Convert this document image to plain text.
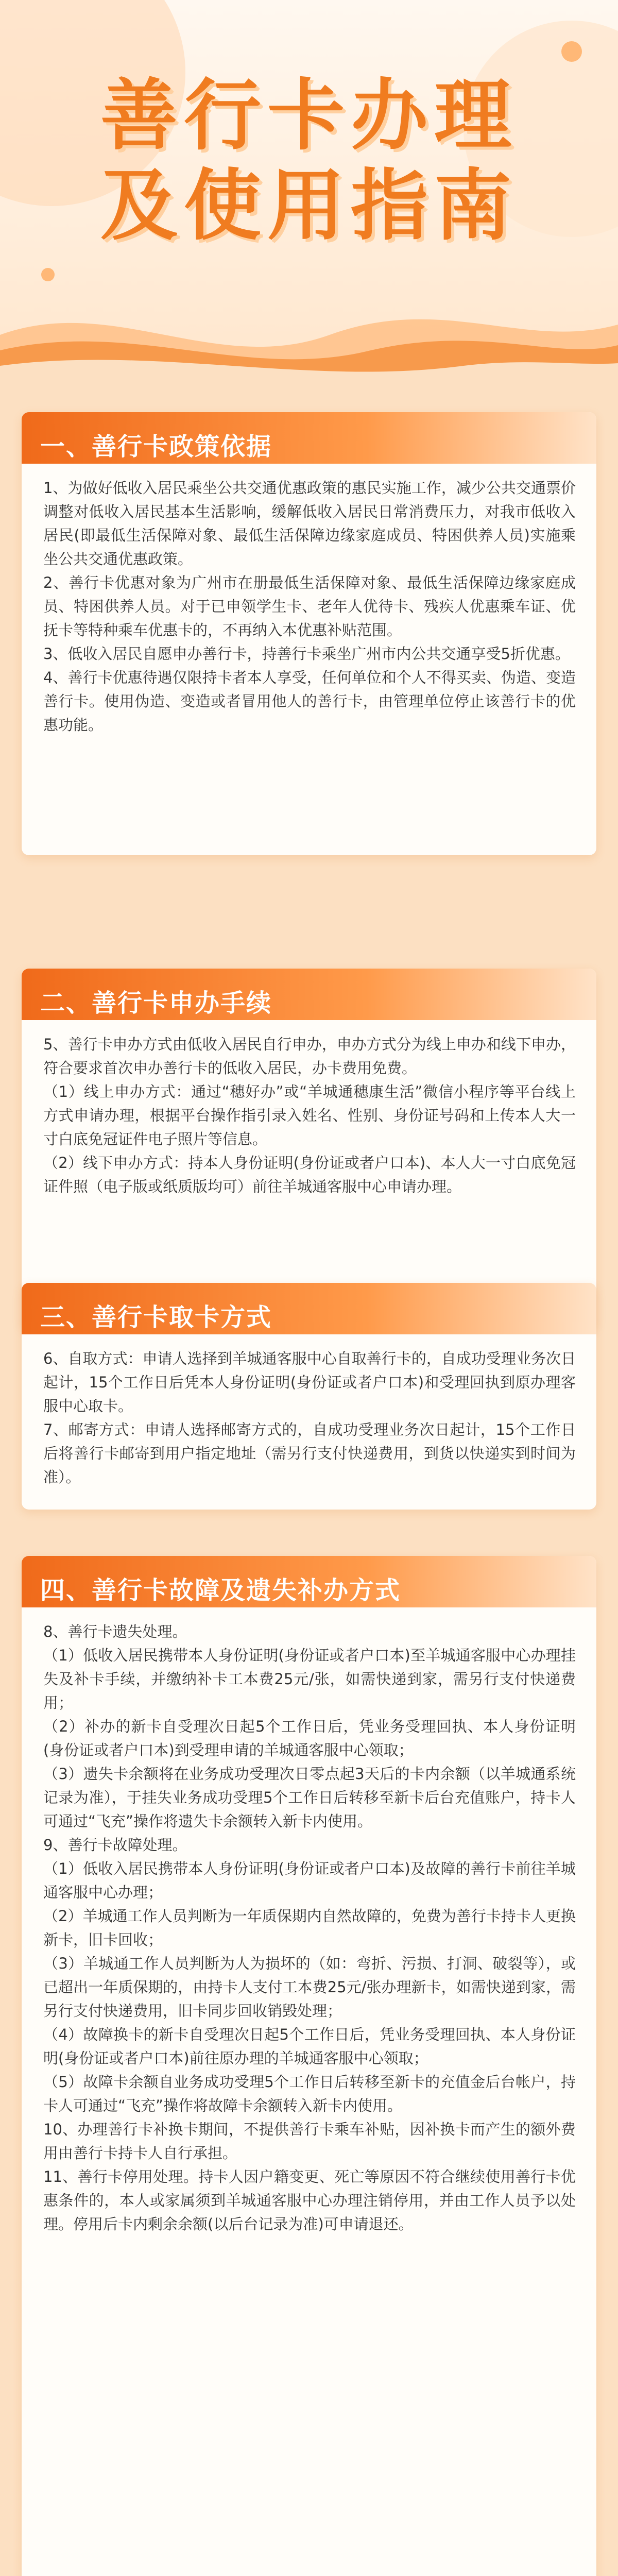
善行卡办理
及使用指南
一、善行卡政策依据

1、为做好低收入居民乘坐公共交通优惠政策的惠民实施工作，减少公共交通票价调整对低收入居民基本生活影响，缓解低收入居民日常消费压力，对我市低收入居民(即最低生活保障对象、最低生活保障边缘家庭成员、特困供养人员)实施乘坐公共交通优惠政策。

2、善行卡优惠对象为广州市在册最低生活保障对象、最低生活保障边缘家庭成员、特困供养人员。对于已申领学生卡、老年人优待卡、残疾人优惠乘车证、优抚卡等特种乘车优惠卡的，不再纳入本优惠补贴范围。

3、低收入居民自愿申办善行卡，持善行卡乘坐广州市内公共交通享受5折优惠。

4、善行卡优惠待遇仅限持卡者本人享受，任何单位和个人不得买卖、伪造、变造善行卡。使用伪造、变造或者冒用他人的善行卡，由管理单位停止该善行卡的优惠功能。

二、善行卡申办手续

5、善行卡申办方式由低收入居民自行申办，申办方式分为线上申办和线下申办，符合要求首次申办善行卡的低收入居民，办卡费用免费。

（1）线上申办方式：通过“穗好办”或“羊城通穗康生活”微信小程序等平台线上方式申请办理，根据平台操作指引录入姓名、性别、身份证号码和上传本人大一寸白底免冠证件电子照片等信息。

（2）线下申办方式：持本人身份证明(身份证或者户口本)、本人大一寸白底免冠证件照（电子版或纸质版均可）前往羊城通客服中心申请办理。

三、善行卡取卡方式

6、自取方式：申请人选择到羊城通客服中心自取善行卡的，自成功受理业务次日起计，15个工作日后凭本人身份证明(身份证或者户口本)和受理回执到原办理客服中心取卡。

7、邮寄方式：申请人选择邮寄方式的，自成功受理业务次日起计，15个工作日后将善行卡邮寄到用户指定地址（需另行支付快递费用，到货以快递实到时间为准）。

四、善行卡故障及遗失补办方式

8、善行卡遗失处理。

（1）低收入居民携带本人身份证明(身份证或者户口本)至羊城通客服中心办理挂失及补卡手续，并缴纳补卡工本费25元/张，如需快递到家，需另行支付快递费用；

（2）补办的新卡自受理次日起5个工作日后，凭业务受理回执、本人身份证明(身份证或者户口本)到受理申请的羊城通客服中心领取；

（3）遗失卡余额将在业务成功受理次日零点起3天后的卡内余额（以羊城通系统记录为准），于挂失业务成功受理5个工作日后转移至新卡后台充值账户，持卡人可通过“飞充”操作将遗失卡余额转入新卡内使用。

9、善行卡故障处理。

（1）低收入居民携带本人身份证明(身份证或者户口本)及故障的善行卡前往羊城通客服中心办理；

（2）羊城通工作人员判断为一年质保期内自然故障的，免费为善行卡持卡人更换新卡，旧卡回收；

（3）羊城通工作人员判断为人为损坏的（如：弯折、污损、打洞、破裂等），或已超出一年质保期的，由持卡人支付工本费25元/张办理新卡，如需快递到家，需另行支付快递费用，旧卡同步回收销毁处理；

（4）故障换卡的新卡自受理次日起5个工作日后，凭业务受理回执、本人身份证明(身份证或者户口本)前往原办理的羊城通客服中心领取；

（5）故障卡余额自业务成功受理5个工作日后转移至新卡的充值金后台帐户，持卡人可通过“飞充”操作将故障卡余额转入新卡内使用。

10、办理善行卡补换卡期间，不提供善行卡乘车补贴，因补换卡而产生的额外费用由善行卡持卡人自行承担。

11、善行卡停用处理。持卡人因户籍变更、死亡等原因不符合继续使用善行卡优惠条件的，本人或家属须到羊城通客服中心办理注销停用，并由工作人员予以处理。停用后卡内剩余余额(以后台记录为准)可申请退还。
